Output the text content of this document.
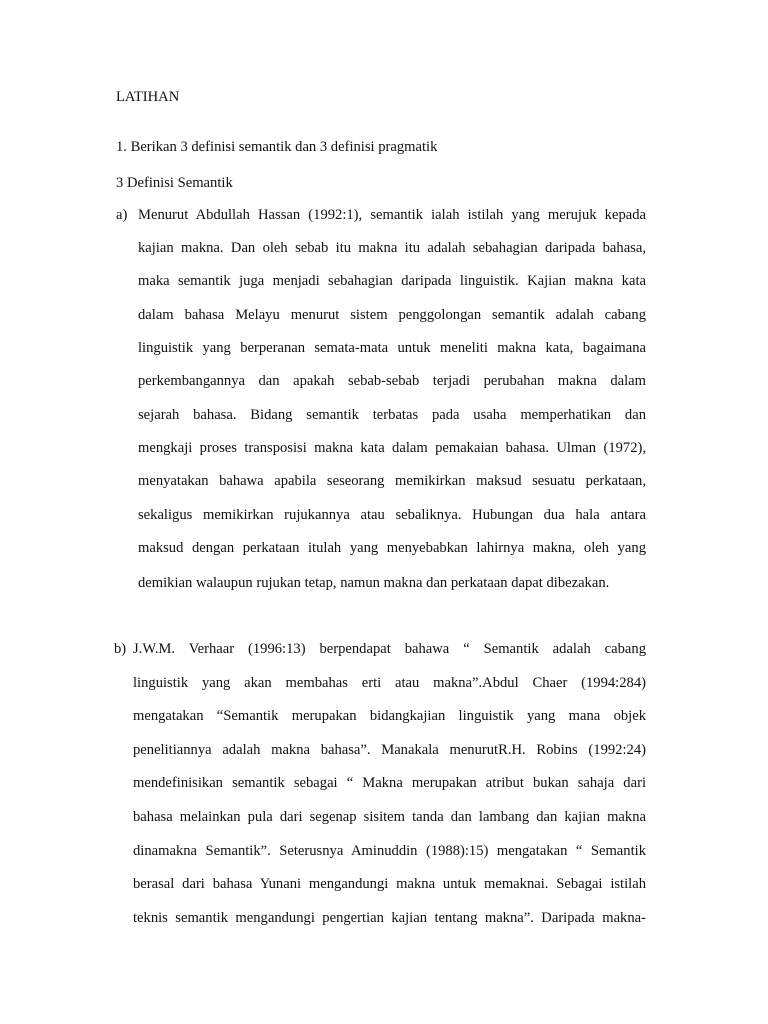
LATIHAN
1. Berikan 3 definisi semantik dan 3 definisi pragmatik
3 Definisi Semantik
a) Menurut Abdullah Hassan (1992:1), semantik ialah istilah yang merujuk kepada
kajian makna. Dan oleh sebab itu makna itu adalah sebahagian daripada bahasa,
maka semantik juga menjadi sebahagian daripada linguistik. Kajian makna kata
dalam bahasa Melayu menurut sistem penggolongan semantik adalah cabang
linguistik yang berperanan semata-mata untuk meneliti makna kata, bagaimana
perkembangannya dan apakah sebab-sebab terjadi perubahan makna dalam
sejarah bahasa. Bidang semantik terbatas pada usaha memperhatikan dan
mengkaji proses transposisi makna kata dalam pemakaian bahasa. Ulman (1972),
menyatakan bahawa apabila seseorang memikirkan maksud sesuatu perkataan,
sekaligus memikirkan rujukannya atau sebaliknya. Hubungan dua hala antara
maksud dengan perkataan itulah yang menyebabkan lahirnya makna, oleh yang
demikian walaupun rujukan tetap, namun makna dan perkataan dapat dibezakan.
b) J.W.M. Verhaar (1996:13) berpendapat bahawa “ Semantik adalah cabang
linguistik yang akan membahas erti atau makna”.Abdul Chaer (1994:284)
mengatakan “Semantik merupakan bidangkajian linguistik yang mana objek
penelitiannya adalah makna bahasa”. Manakala menurutR.H. Robins (1992:24)
mendefinisikan semantik sebagai “ Makna merupakan atribut bukan sahaja dari
bahasa melainkan pula dari segenap sisitem tanda dan lambang dan kajian makna
dinamakna Semantik”. Seterusnya Aminuddin (1988):15) mengatakan “ Semantik
berasal dari bahasa Yunani mengandungi makna untuk memaknai. Sebagai istilah
teknis semantik mengandungi pengertian kajian tentang makna”. Daripada makna-
